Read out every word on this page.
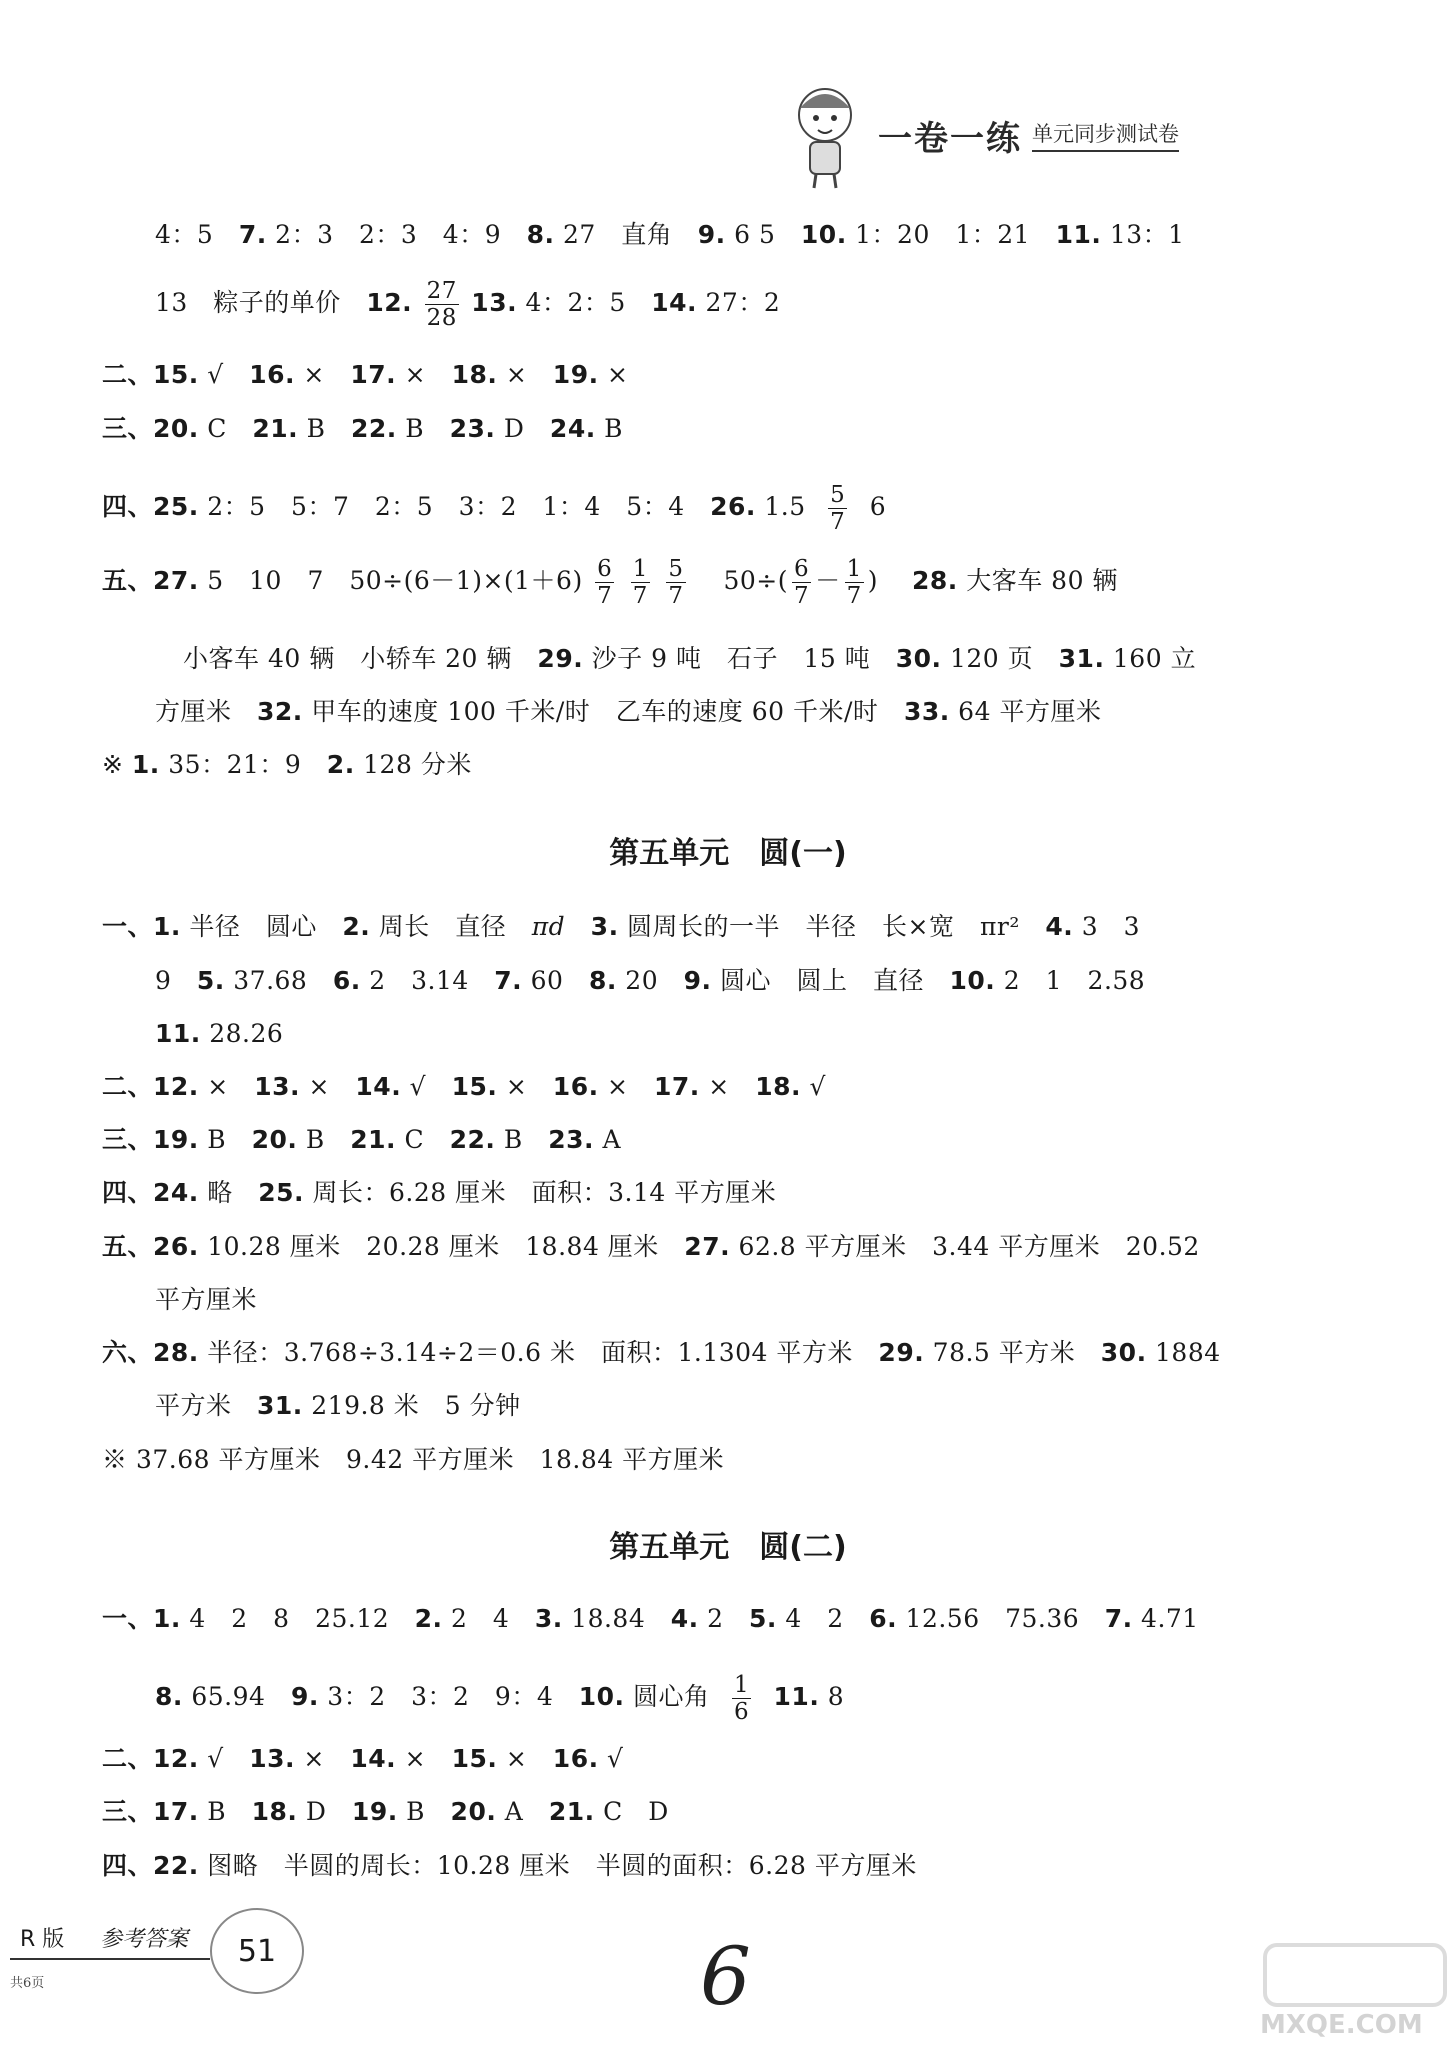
一卷一练 单元同步测试卷
4：5　7. 2：3　2：3　4：9　8. 27　直角　9. 6 5　10. 1：20　1：21　11. 13：1
13　粽子的单价　12. $\frac{27}{28} 13$. 4：2：5　14. 27：2
二、15. √　16. ×　17. ×　18. ×　19. ×
三、20. C　21. B　22. B　23. D　24. B
四、25. 2：5　5：7　2：5　3：2　1：4　5：4　26. $1.5 \frac{5}{7} 6$
五、27. 5　10　7　$50\div(6-1)\times(1+6) \frac{6}{7}$
$\frac{1}{7}$
$\frac{5}{7}$ 　$50\div( \frac{6}{7} - \frac{1}{7}$ )　 28. 大客车 80 辆
小客车 40 辆　小轿车 20 辆　29. 沙子 9 吨　石子　15 吨　30. 120 页　31. 160 立
方厘米　32. 甲车的速度 100 千米/时　乙车的速度 60 千米/时　33. 64 平方厘米
※ 1. 35：21：9　2. 128 分米
第五单元　圆(一)
一、1. 半径　圆心　2. 周长　直径　πd　 3. 圆周长的一半　半径　长×宽　πr²　4. 3　3
9　5. 37.68　6. 2　3.14　7. 60　8. 20　9. 圆心　圆上　直径　10. 2　1　2.58
11. 28.26
二、12. ×　13. ×　14. √　15. ×　16. ×　17. ×　18. √
三、19. B　20. B　21. C　22. B　23. A
四、24. 略　25. 周长：6.28 厘米　面积：3.14 平方厘米
五、26. 10.28 厘米　20.28 厘米　18.84 厘米　27. 62.8 平方厘米　3.44 平方厘米　20.52
平方厘米
六、28. 半径：3.768÷3.14÷2＝0.6 米　面积：1.1304 平方米　29. 78.5 平方米　30. 1884
平方米　31. 219.8 米　5 分钟
※ 37.68 平方厘米　9.42 平方厘米　18.84 平方厘米
第五单元　圆(二)
一、1. 4　2　8　25.12　2. 2　4　3. 18.84　4. 2　5. 4　2　6. 12.56　75.36　7. 4.71
8. 65.94　9. 3：2　3：2　9：4　10. 圆心角 $\frac{1}{6} 11$. 8
二、12. √　13. ×　14. ×　15. ×　16. √
三、17. B　18. D　19. B　20. A　21. C　D
四、22. 图略　半圆的周长：10.28 厘米　半圆的面积：6.28 平方厘米
R 版 参考答案	51
共6页	6
MXQE.COM
